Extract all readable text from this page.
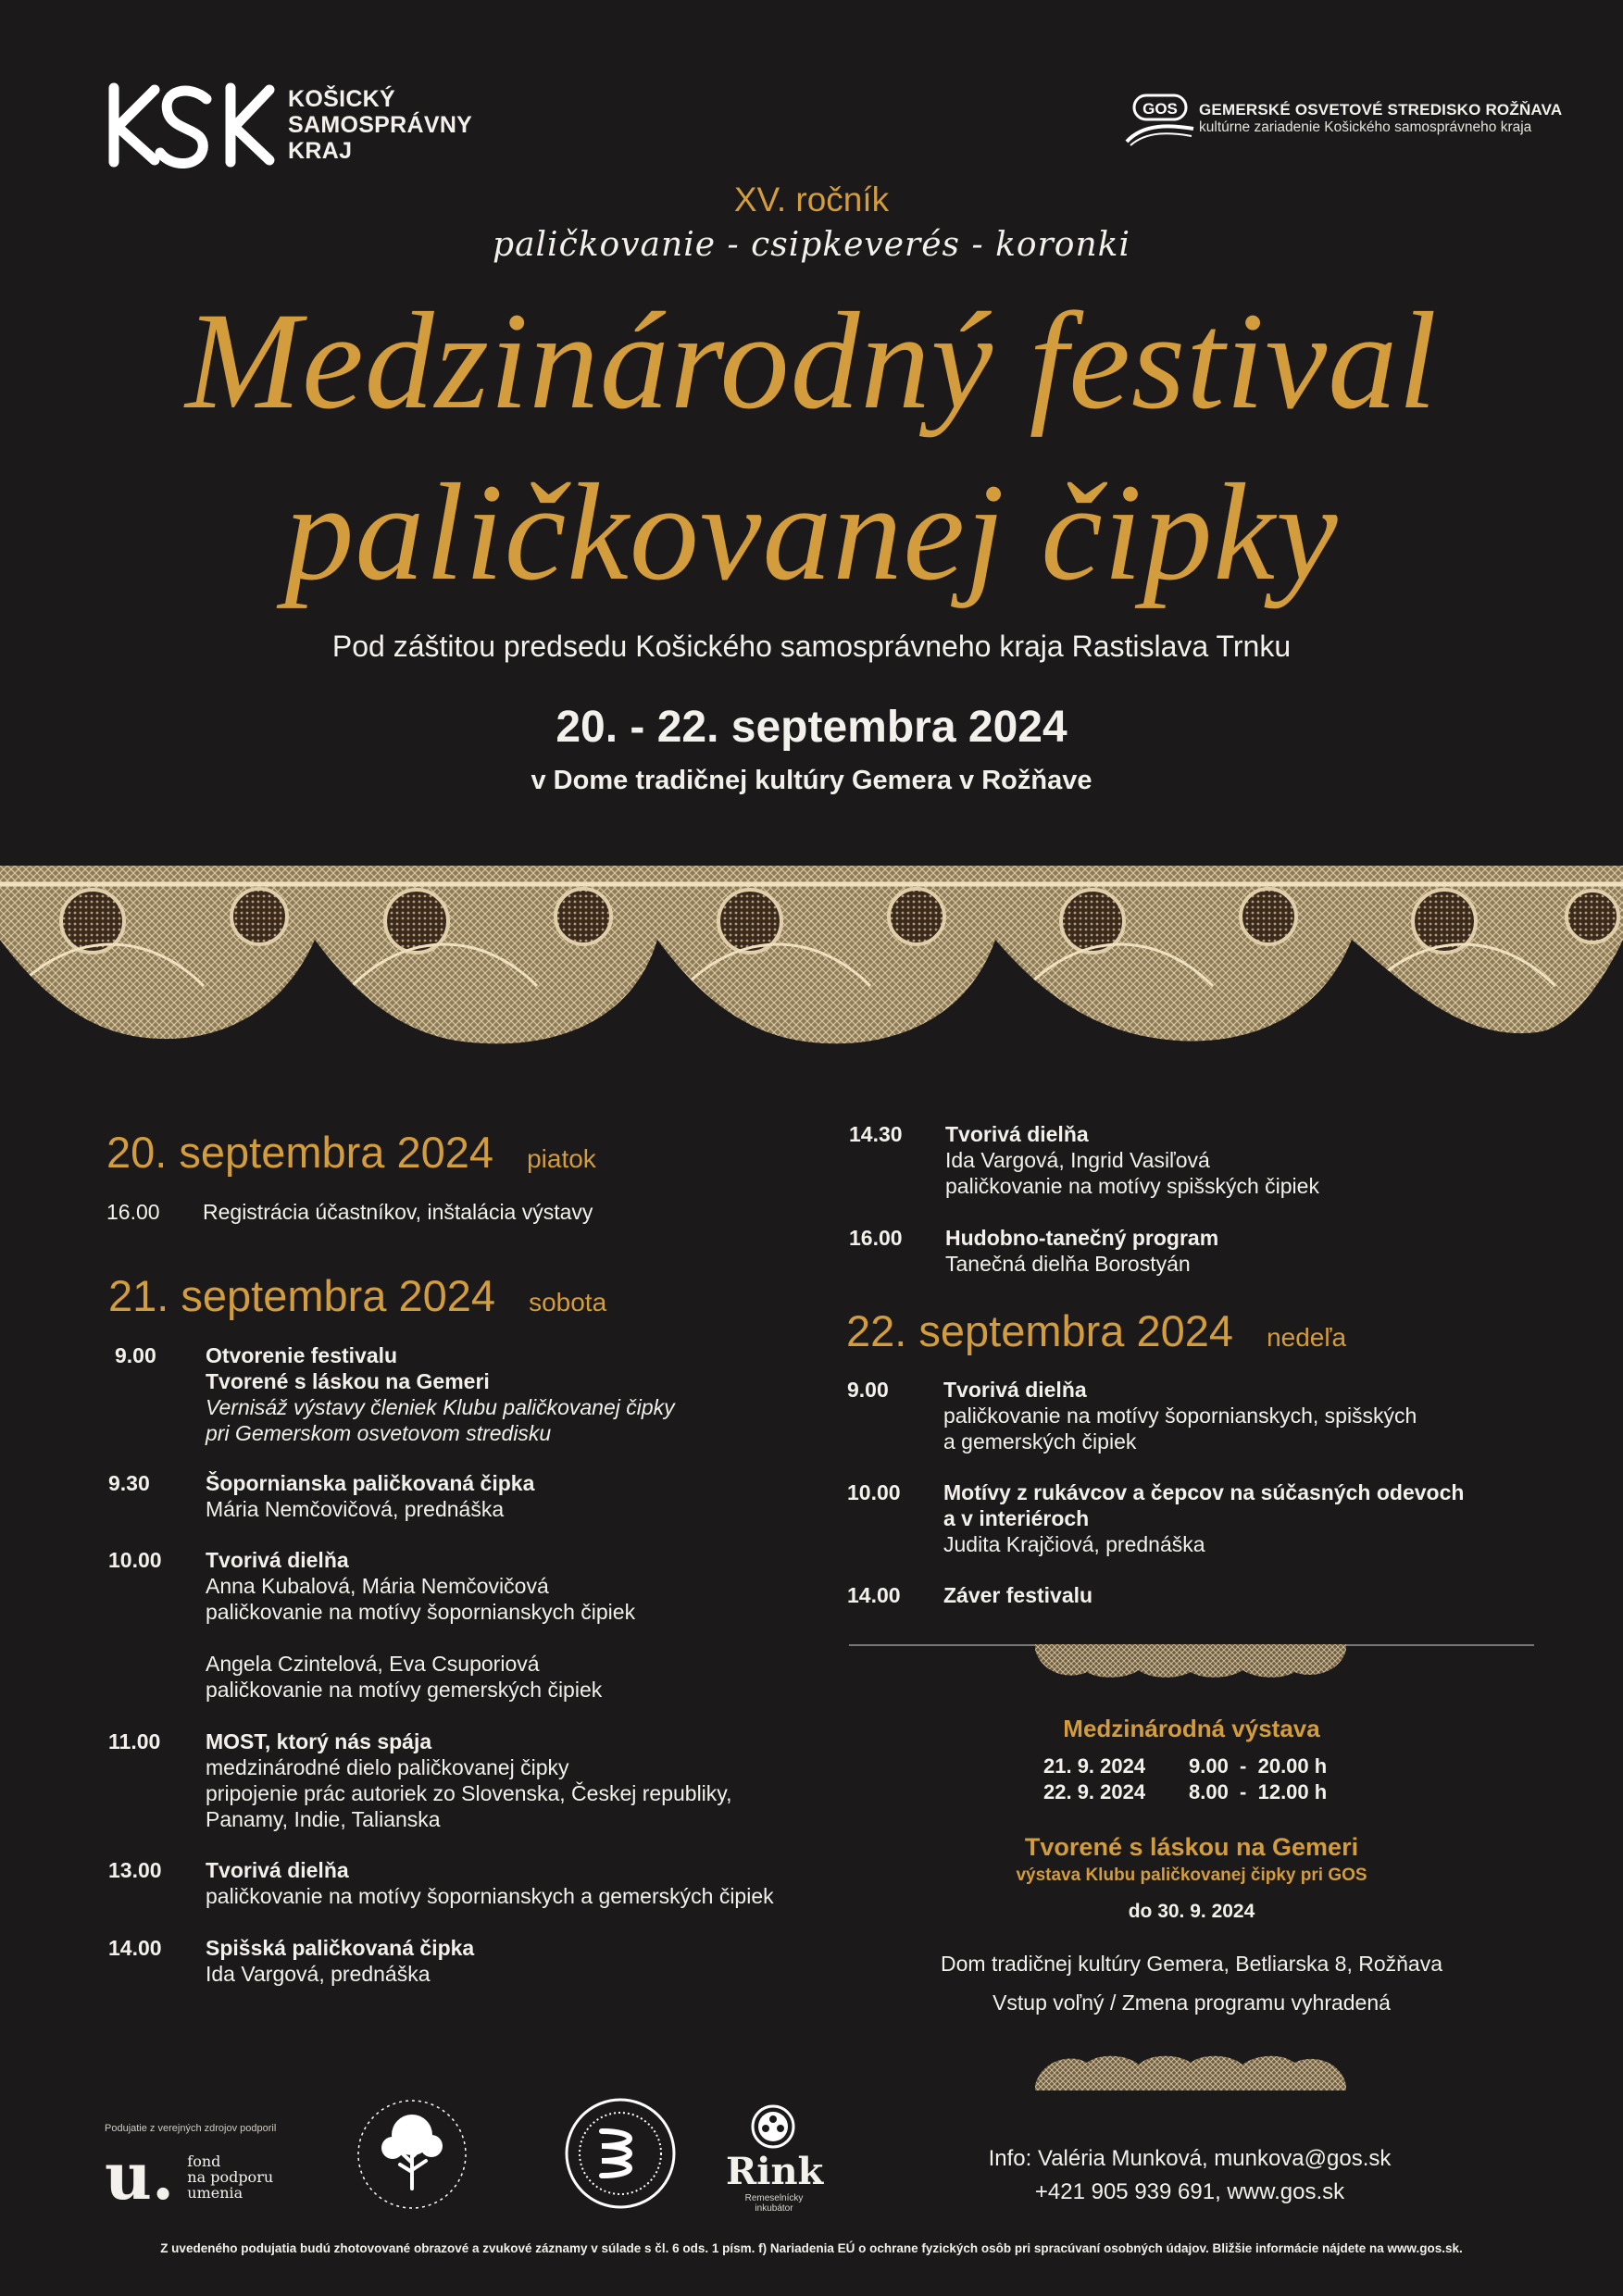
KOŠICKÝ
SAMOSPRÁVNY
KRAJ
GOS GEMERSKÉ OSVETOVÉ STREDISKO ROŽŇAVA
kultúrne zariadenie Košického samosprávneho kraja
XV. ročník
paličkovanie - csipkeverés - koronki
Medzinárodný festival
paličkovanej čipky
Pod záštitou predsedu Košického samosprávneho kraja Rastislava Trnku
20. - 22. septembra 2024
v Dome tradičnej kultúry Gemera v Rožňave
20. septembra 2024 piatok
16.00	Registrácia účastníkov, inštalácia výstavy
21. septembra 2024 sobota
9.00	Otvorenie festivalu
Tvorené s láskou na Gemeri
Vernisáž výstavy členiek Klubu paličkovanej čipky
pri Gemerskom osvetovom stredisku
9.30	Šopornianska paličkovaná čipka
Mária Nemčovičová, prednáška
10.00	Tvorivá dielňa
Anna Kubalová, Mária Nemčovičová
paličkovanie na motívy šopornianskych čipiek
Angela Czintelová, Eva Csuporiová
paličkovanie na motívy gemerských čipiek
11.00	MOST, ktorý nás spája
medzinárodné dielo paličkovanej čipky
pripojenie prác autoriek zo Slovenska, Českej republiky,
Panamy, Indie, Talianska
13.00	Tvorivá dielňa
paličkovanie na motívy šopornianskych a gemerských čipiek
14.00	Spišská paličkovaná čipka
Ida Vargová, prednáška
14.30	Tvorivá dielňa
Ida Vargová, Ingrid Vasiľová
paličkovanie na motívy spišských čipiek
16.00	Hudobno-tanečný program
Tanečná dielňa Borostyán
22. septembra 2024 nedeľa
9.00	Tvorivá dielňa
paličkovanie na motívy šopornianskych, spišských
a gemerských čipiek
10.00	Motívy z rukávcov a čepcov na súčasných odevoch
a v interiéroch
Judita Krajčiová, prednáška
14.00	Záver festivalu
Medzinárodná výstava
21. 9. 2024 9.00  -  20.00 h
22. 9. 2024 8.00  -  12.00 h
Tvorené s láskou na Gemeri
výstava Klubu paličkovanej čipky pri GOS
do 30. 9. 2024
Dom tradičnej kultúry Gemera, Betliarska 8, Rožňava
Vstup voľný / Zmena programu vyhradená
Podujatie z verejných zdrojov podporil
u. fond
na podporu
umenia	Rink
Remeselnícky inkubátor
Info: Valéria Munková, munkova@gos.sk
+421 905 939 691, www.gos.sk
Z uvedeného podujatia budú zhotovované obrazové a zvukové záznamy v súlade s čl. 6 ods. 1 písm. f) Nariadenia EÚ o ochrane fyzických osôb pri spracúvaní osobných údajov. Bližšie informácie nájdete na www.gos.sk.
